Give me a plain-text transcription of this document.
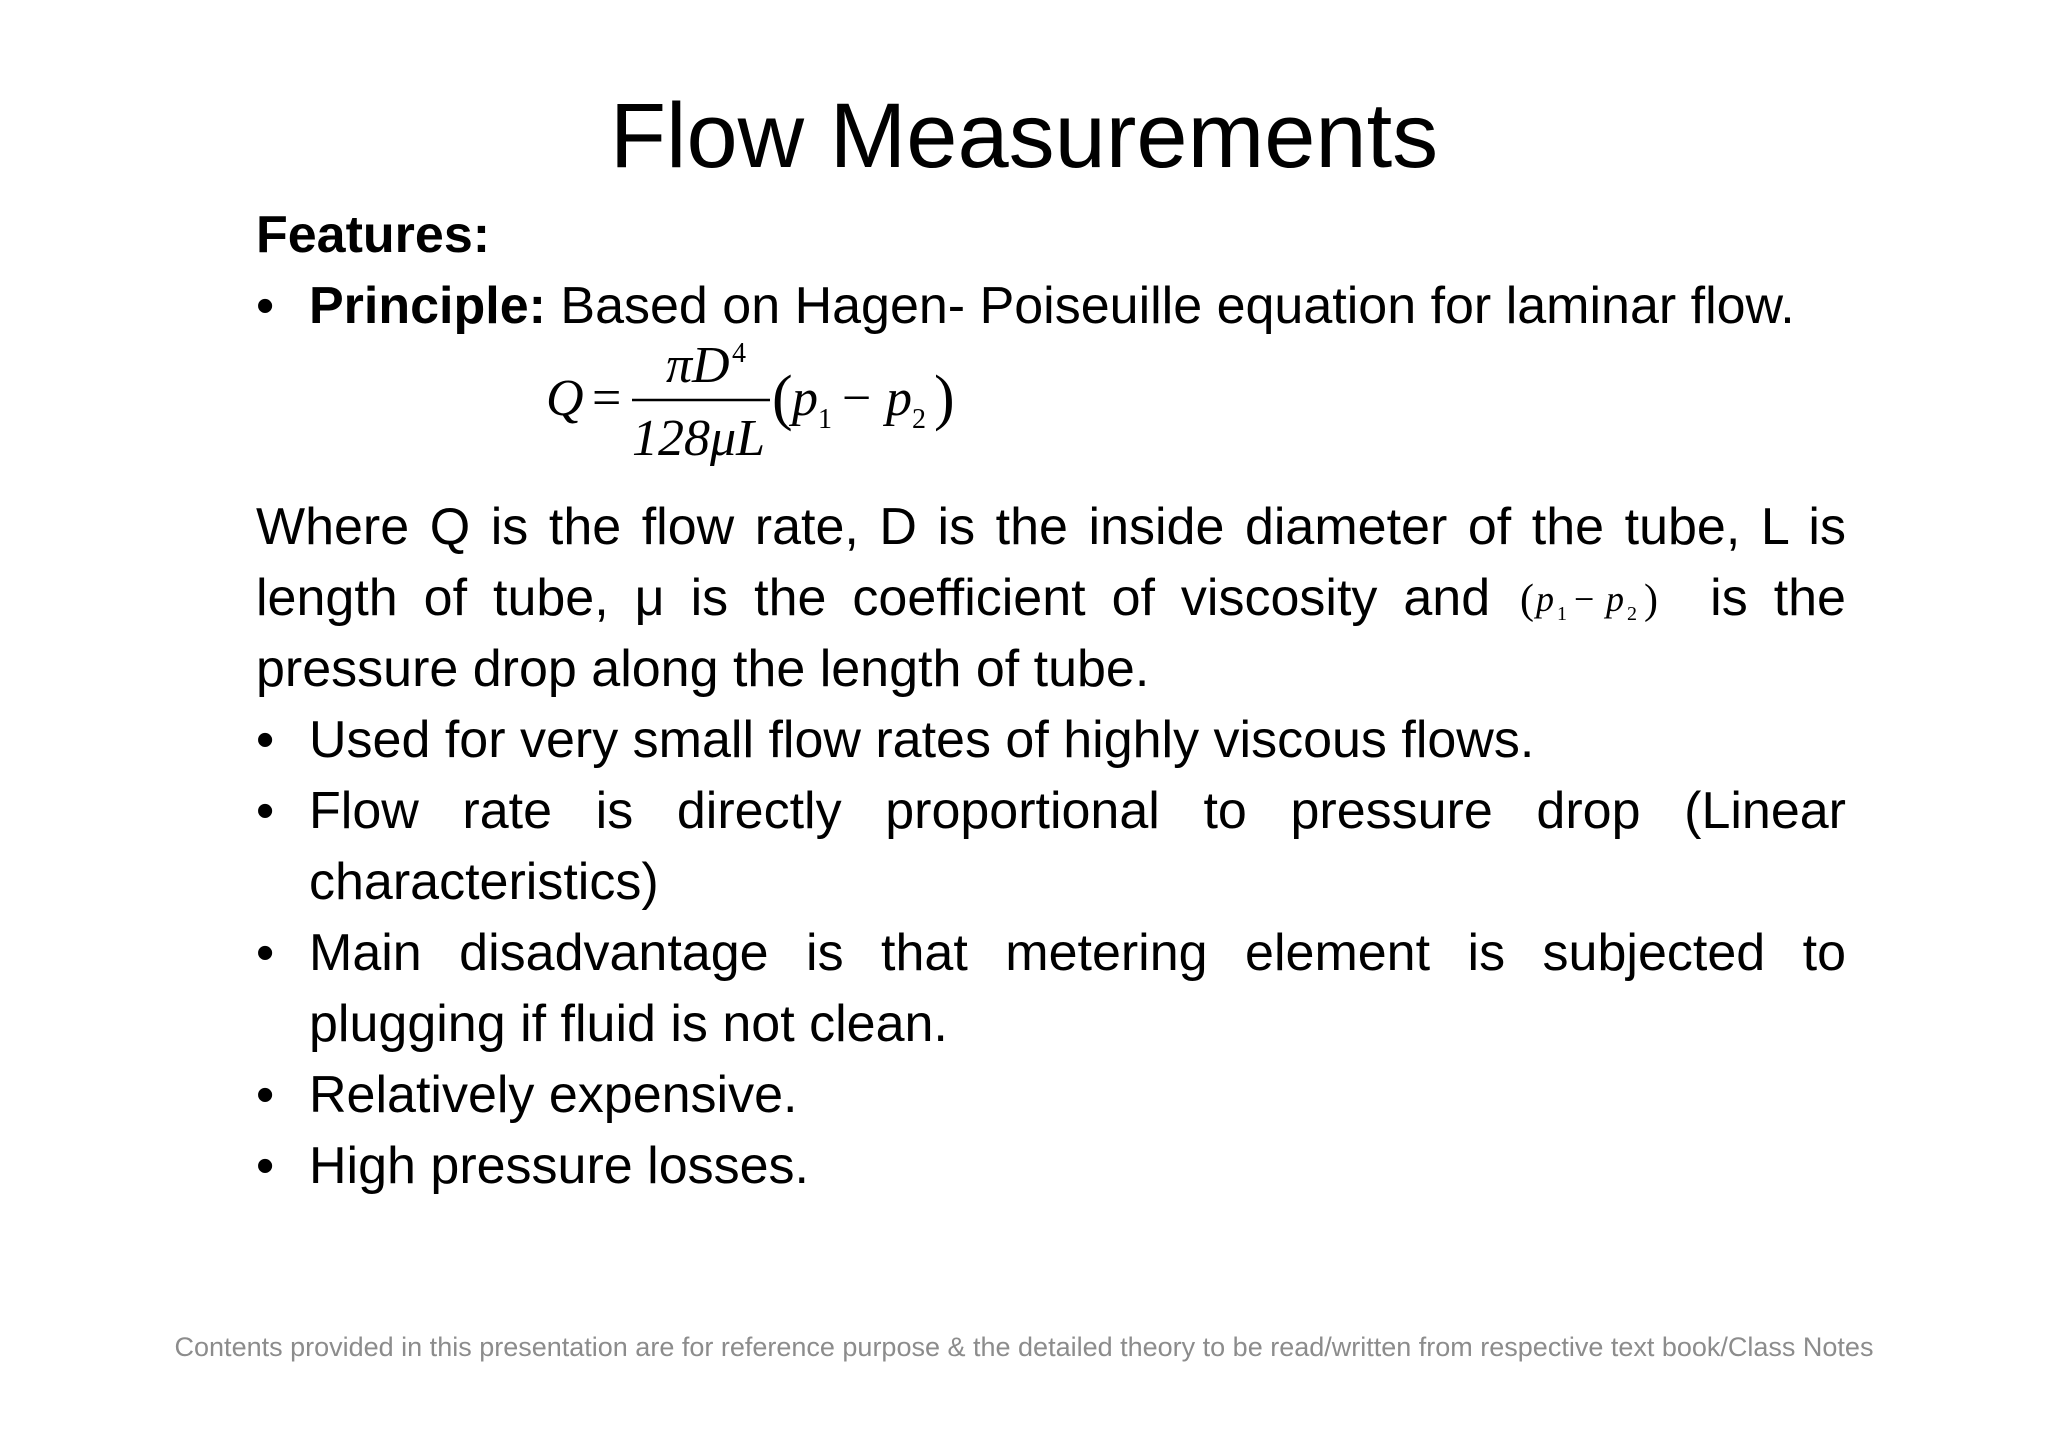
Flow Measurements
Features:
• Principle: Based on Hagen- Poiseuille equation for laminar flow.
Q =
πD 4
128μL
( p 1 − p 2 )
Where Q is the flow rate, D is the inside diameter of the tube, L is length of tube, μ is the coefficient of viscosity and ( p 1 − p 2 ) is the pressure drop along the length of tube.
• Used for very small flow rates of highly viscous flows.
• Flow rate is directly proportional to pressure drop (Linear characteristics)
• Main disadvantage is that metering element is subjected to plugging if fluid is not clean.
• Relatively expensive.
• High pressure losses.
Contents provided in this presentation are for reference purpose & the detailed theory to be read/written from respective text book/Class Notes
